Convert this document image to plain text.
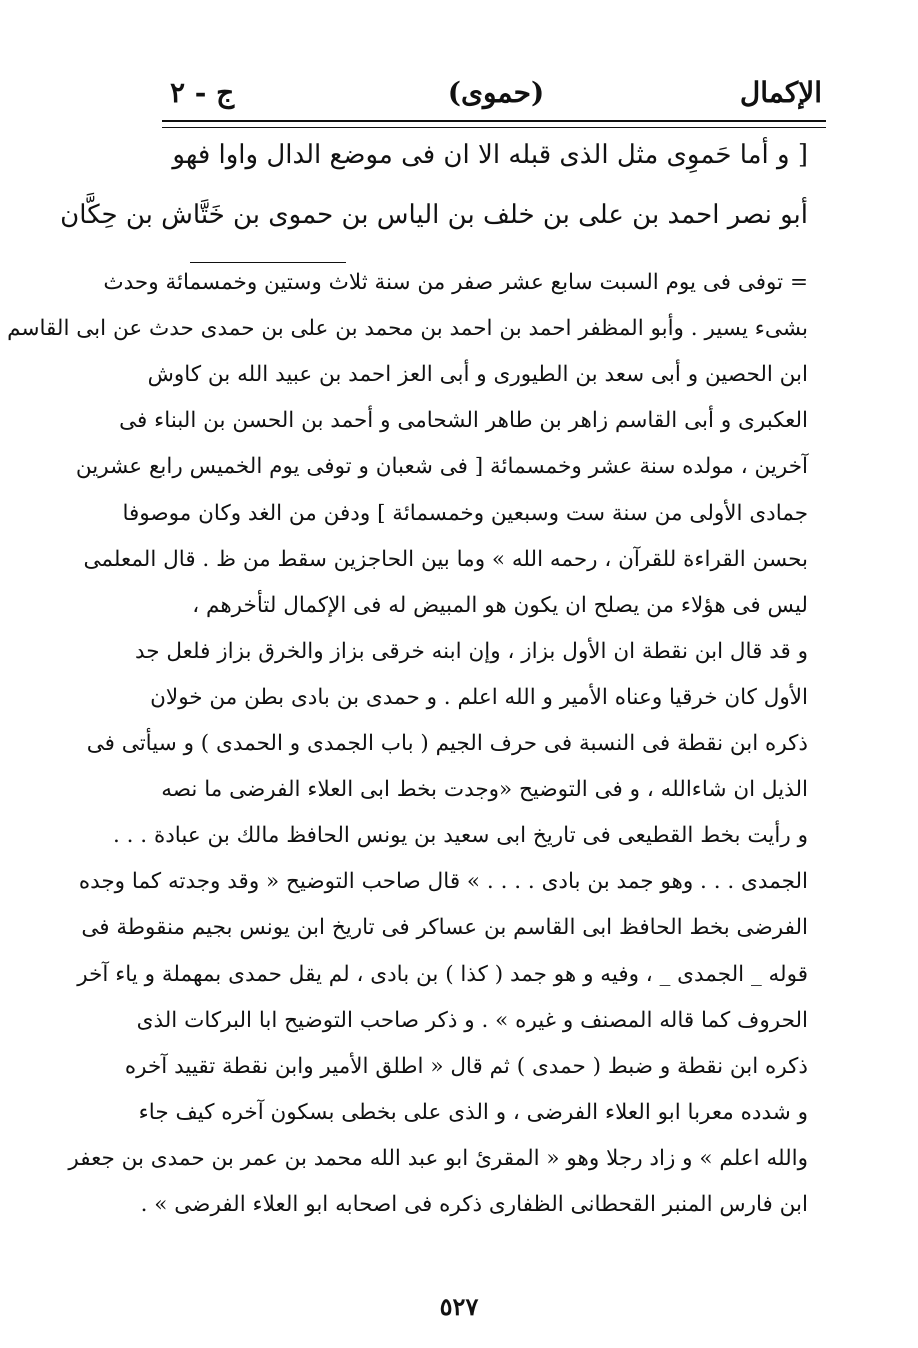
الإكمال
(حموى)
ج - ٢
[ و أما حَموِى مثل الذى قبله الا ان فى موضع الدال واوا فهو
أبو نصر احمد بن على بن خلف بن الياس بن حموى بن خَتَّاش بن حِكَّان
= توفى فى يوم السبت سابع عشر صفر من سنة ثلاث وستين وخمسمائة وحدث
بشىء يسير . وأبو المظفر احمد بن احمد بن محمد بن على بن حمدى حدث عن ابى القاسم
ابن الحصين و أبى سعد بن الطيورى و أبى العز احمد بن عبيد الله بن كاوش
العكبرى و أبى القاسم زاهر بن طاهر الشحامى و أحمد بن الحسن بن البناء فى
آخرين ، مولده سنة عشر وخمسمائة [ فى شعبان و توفى يوم الخميس رابع عشرين
جمادى الأولى من سنة ست وسبعين وخمسمائة ] ودفن من الغد وكان موصوفا
بحسن القراءة للقرآن ، رحمه الله » وما بين الحاجزين سقط من ظ . قال المعلمى
ليس فى هؤلاء من يصلح ان يكون هو المبيض له فى الإكمال لتأخرهم ،
و قد قال ابن نقطة ان الأول بزاز ، وإن ابنه خرقى بزاز والخرق بزاز فلعل جد
الأول كان خرقيا وعناه الأمير و الله اعلم . و حمدى بن بادى بطن من خولان
ذكره ابن نقطة فى النسبة فى حرف الجيم ( باب الجمدى و الحمدى ) و سيأتى فى
الذيل ان شاءالله ، و فى التوضيح «وجدت بخط ابى العلاء الفرضى ما نصه
و رأيت بخط القطيعى فى تاريخ ابى سعيد بن يونس الحافظ مالك بن عبادة . . .
الجمدى . . . وهو جمد بن بادى . . . . » قال صاحب التوضيح « وقد وجدته كما وجده
الفرضى بخط الحافظ ابى القاسم بن عساكر فى تاريخ ابن يونس بجيم منقوطة فى
قوله _ الجمدى _ ، وفيه و هو جمد ( كذا ) بن بادى ، لم يقل حمدى بمهملة و ياء آخر
الحروف كما قاله المصنف و غيره » . و ذكر صاحب التوضيح ابا البركات الذى
ذكره ابن نقطة و ضبط ( حمدى ) ثم قال « اطلق الأمير وابن نقطة تقييد آخره
و شدده معربا ابو العلاء الفرضى ، و الذى على بخطى بسكون آخره كيف جاء
والله اعلم » و زاد رجلا وهو « المقرئ ابو عبد الله محمد بن عمر بن حمدى بن جعفر
ابن فارس المنبر القحطانى الظفارى ذكره فى اصحابه ابو العلاء الفرضى » .
٥٢٧
